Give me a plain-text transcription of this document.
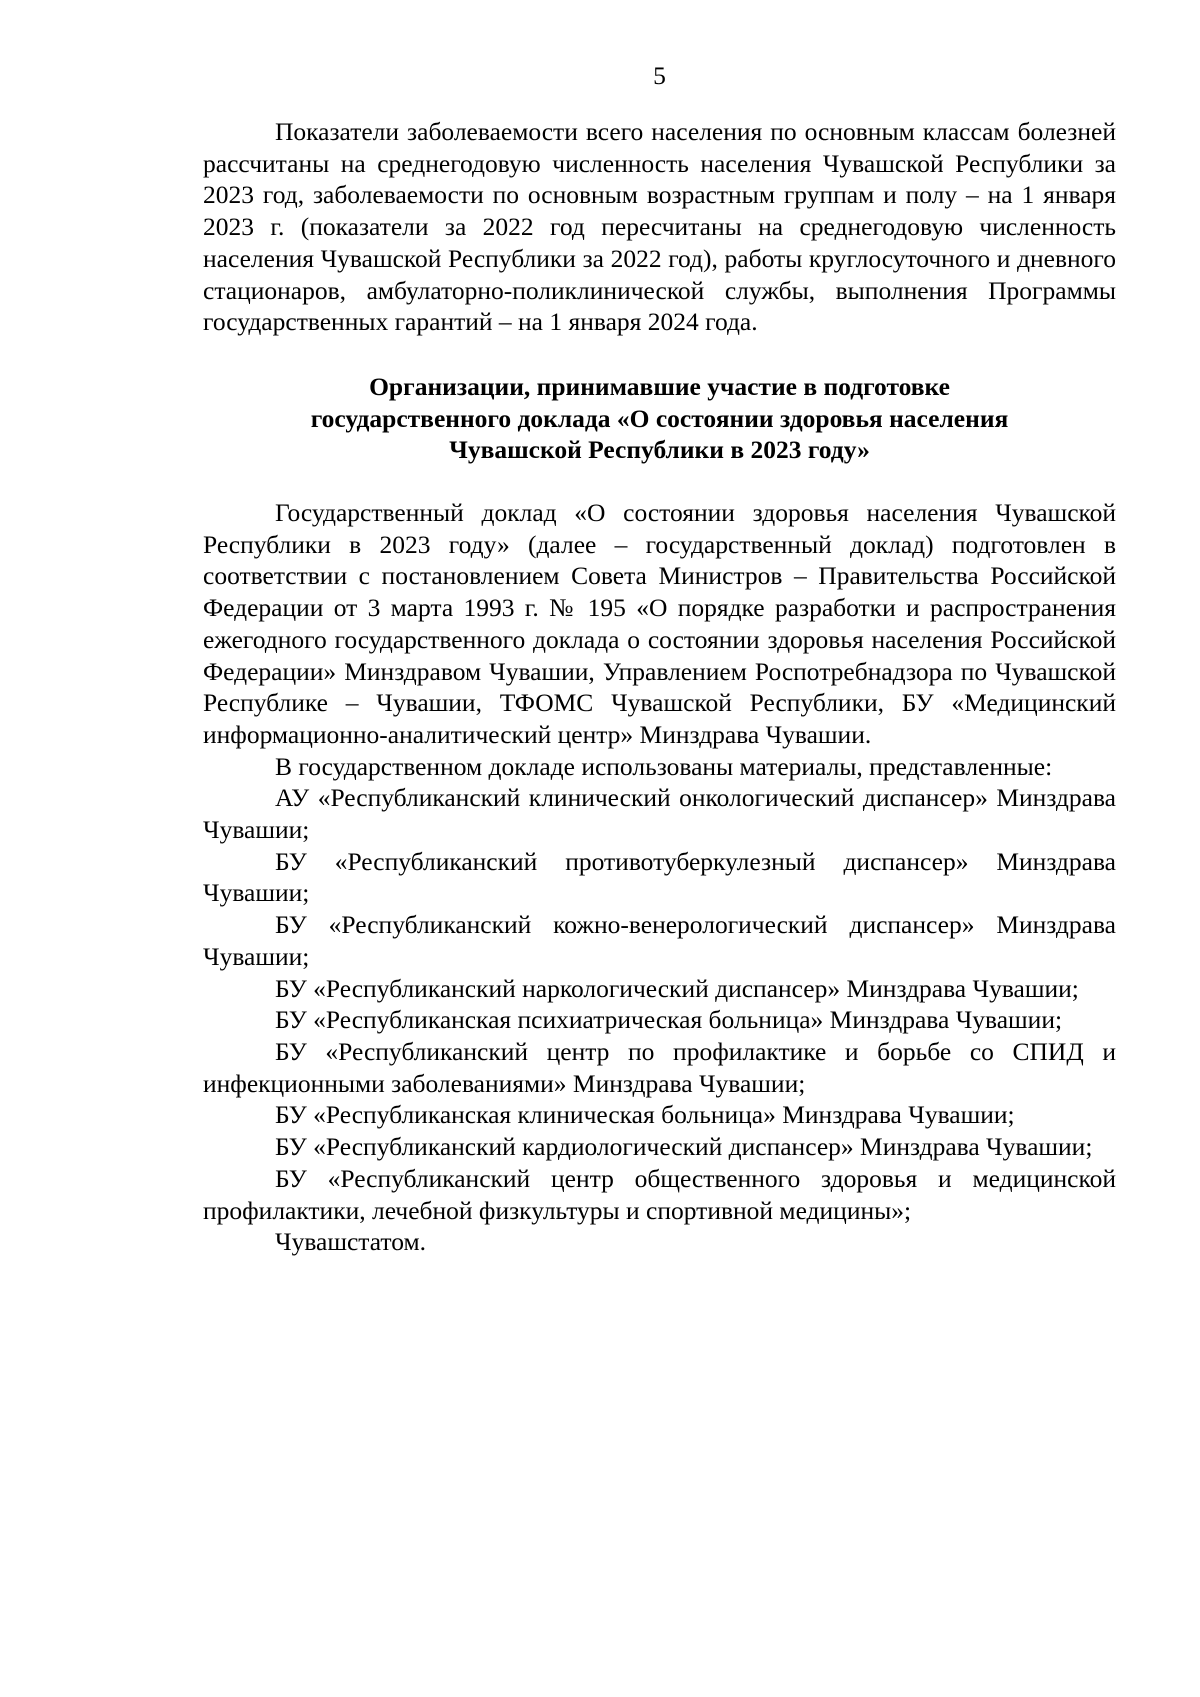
5

Показатели заболеваемости всего населения по основным классам болезней рассчитаны на среднегодовую численность населения Чувашской Республики за 2023 год, заболеваемости по основным возрастным группам и полу – на 1 января 2023 г. (показатели за 2022 год пересчитаны на среднегодовую численность населения Чувашской Республики за 2022 год), работы круглосуточного и дневного стационаров, амбулаторно-поликлинической службы, выполнения Программы государственных гарантий – на 1 января 2024 года.

Организации, принимавшие участие в подготовке
государственного доклада «О состоянии здоровья населения
Чувашской Республики в 2023 году»

Государственный доклад «О состоянии здоровья населения Чувашской Республики в 2023 году» (далее – государственный доклад) подготовлен в соответствии с постановлением Совета Министров – Правительства Российской Федерации от 3 марта 1993 г. № 195 «О порядке разработки и распространения ежегодного государственного доклада о состоянии здоровья населения Российской Федерации» Минздравом Чувашии, Управлением Роспотребнадзора по Чувашской Республике – Чувашии, ТФОМС Чувашской Республики, БУ «Медицинский информационно-аналитический центр» Минздрава Чувашии.

В государственном докладе использованы материалы, представленные:

АУ «Республиканский клинический онкологический диспансер» Минздрава Чувашии;
БУ «Республиканский противотуберкулезный диспансер» Минздрава Чувашии;
БУ «Республиканский кожно-венерологический диспансер» Минздрава Чувашии;
БУ «Республиканский наркологический диспансер» Минздрава Чувашии;
БУ «Республиканская психиатрическая больница» Минздрава Чувашии;
БУ «Республиканский центр по профилактике и борьбе со СПИД и инфекционными заболеваниями» Минздрава Чувашии;
БУ «Республиканская клиническая больница» Минздрава Чувашии;
БУ «Республиканский кардиологический диспансер» Минздрава Чувашии;
БУ «Республиканский центр общественного здоровья и медицинской профилактики, лечебной физкультуры и спортивной медицины»;
Чувашстатом.
